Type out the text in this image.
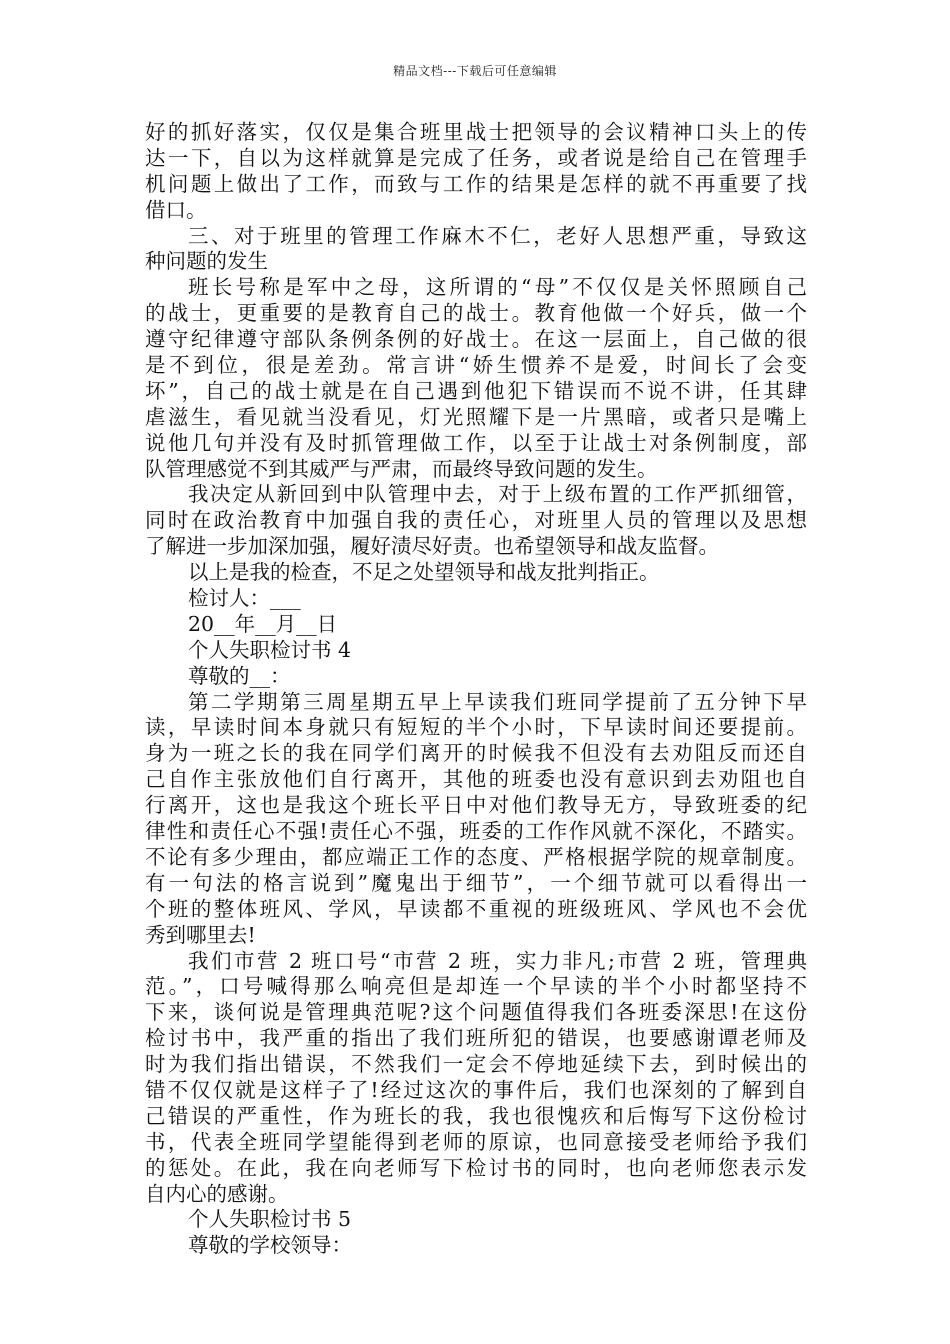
精品文档---下载后可任意编辑
好的抓好落实，仅仅是集合班里战士把领导的会议精神口头上的传
达一下，自以为这样就算是完成了任务，或者说是给自己在管理手
机问题上做出了工作，而致与工作的结果是怎样的就不再重要了找
借口。
三、对于班里的管理工作麻木不仁，老好人思想严重，导致这
种问题的发生
班长号称是军中之母，这所谓的“母”不仅仅是关怀照顾自己
的战士，更重要的是教育自己的战士。教育他做一个好兵，做一个
遵守纪律遵守部队条例条例的好战士。在这一层面上，自己做的很
是不到位，很是差劲。常言讲“娇生惯养不是爱，时间长了会变
坏”，自己的战士就是在自己遇到他犯下错误而不说不讲，任其肆
虐滋生，看见就当没看见，灯光照耀下是一片黑暗，或者只是嘴上
说他几句并没有及时抓管理做工作，以至于让战士对条例制度，部
队管理感觉不到其威严与严肃，而最终导致问题的发生。
我决定从新回到中队管理中去，对于上级布置的工作严抓细管，
同时在政治教育中加强自我的责任心，对班里人员的管理以及思想
了解进一步加深加强，履好渍尽好责。也希望领导和战友监督。
以上是我的检查，不足之处望领导和战友批判指正。
检讨人：___
20__年__月__日
个人失职检讨书 4
尊敬的__：
第二学期第三周星期五早上早读我们班同学提前了五分钟下早
读，早读时间本身就只有短短的半个小时，下早读时间还要提前。
身为一班之长的我在同学们离开的时候我不但没有去劝阻反而还自
己自作主张放他们自行离开，其他的班委也没有意识到去劝阻也自
行离开，这也是我这个班长平日中对他们教导无方，导致班委的纪
律性和责任心不强!责任心不强，班委的工作作风就不深化，不踏实。
不论有多少理由，都应端正工作的态度、严格根据学院的规章制度。
有一句法的格言说到”魔鬼出于细节”，一个细节就可以看得出一
个班的整体班风、学风，早读都不重视的班级班风、学风也不会优
秀到哪里去!
我们市营 2 班口号“市营 2 班，实力非凡;市营 2 班，管理典
范。”，口号喊得那么响亮但是却连一个早读的半个小时都坚持不
下来，谈何说是管理典范呢?这个问题值得我们各班委深思!在这份
检讨书中，我严重的指出了我们班所犯的错误，也要感谢谭老师及
时为我们指出错误，不然我们一定会不停地延续下去，到时候出的
错不仅仅就是这样子了!经过这次的事件后，我们也深刻的了解到自
己错误的严重性，作为班长的我，我也很愧疚和后悔写下这份检讨
书，代表全班同学望能得到老师的原谅，也同意接受老师给予我们
的惩处。在此，我在向老师写下检讨书的同时，也向老师您表示发
自内心的感谢。
个人失职检讨书 5
尊敬的学校领导：
